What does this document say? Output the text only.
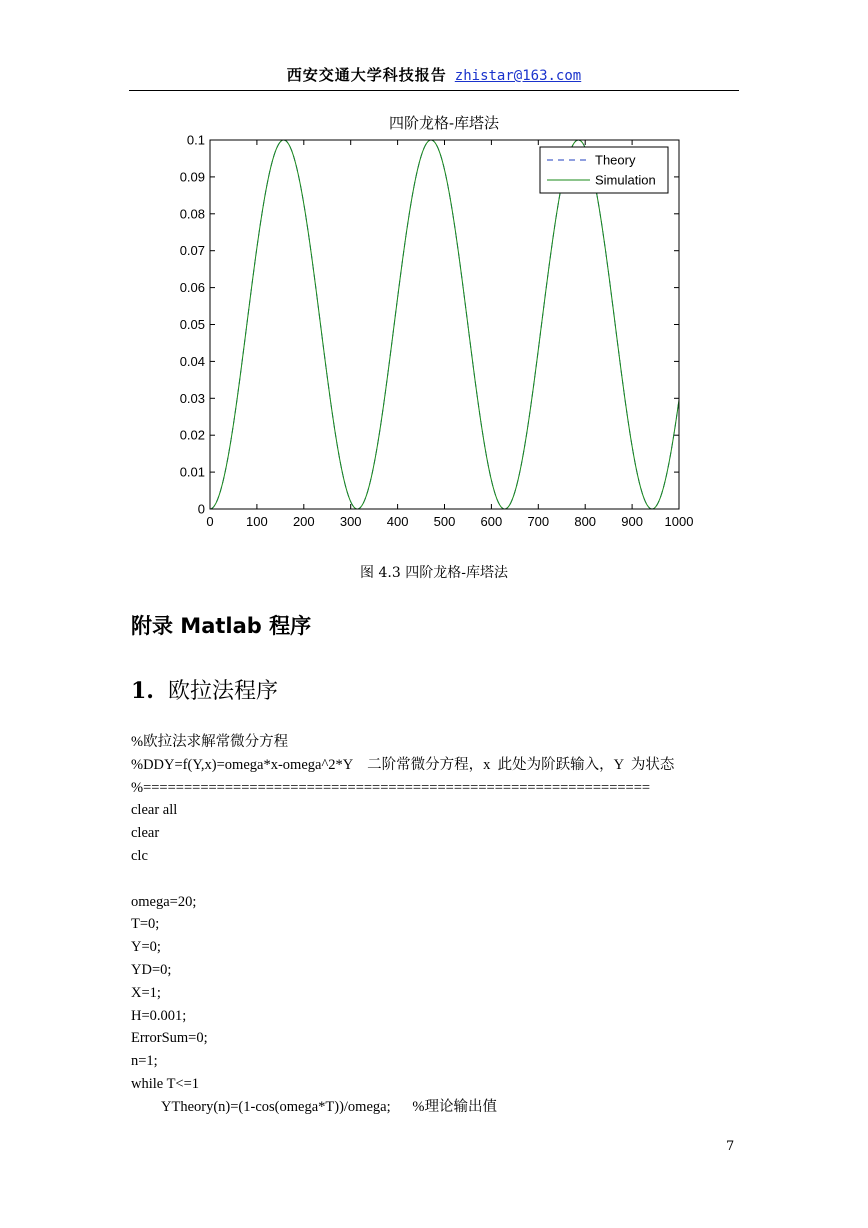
西安交通大学科技报告 zhistar@163.com
四阶龙格-库塔法
0 100 200 300 400 500 600 700 800 900 1000
0
0.01
0.02
0.03
0.04
0.05
0.06
0.07
0.08
0.09
0.1
Theory
Simulation
图 4.3 四阶龙格-库塔法
附录 Matlab 程序
1. 欧拉法程序
%欧拉法求解常微分方程
%DDY=f(Y,x)=omega*x-omega^2*Y    二阶常微分方程，x  此处为阶跃输入，Y  为状态
%==============================================================
clear all
clear
clc
omega=20;
T=0;
Y=0;
YD=0;
X=1;
H=0.001;
ErrorSum=0;
n=1;
while T<=1
YTheory(n)=(1-cos(omega*T))/omega;      %理论输出值
7
